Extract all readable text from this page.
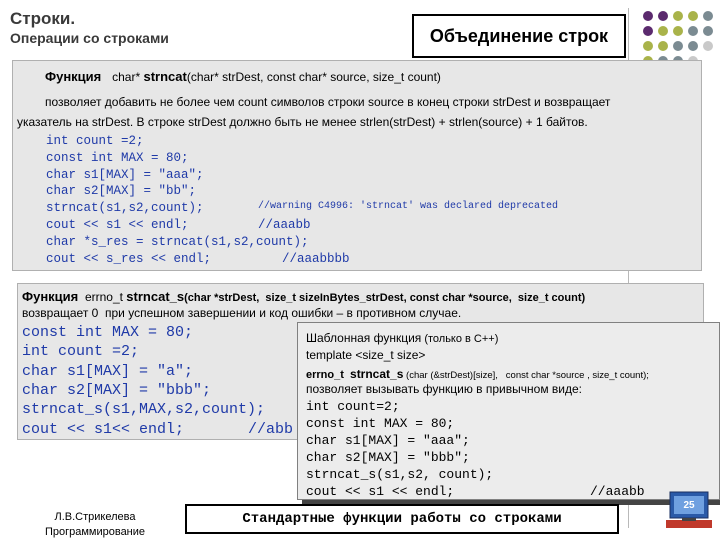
Строки.
Операции со строками	Объединение строк
Функция char* strncat(char* strDest, const char* source, size_t count)
позволяет добавить не более чем count символов строки source в конец строки strDest и возвращает
указатель на strDest. В строке strDest должно быть не менее strlen(strDest) + strlen(source) + 1 байтов.
int count =2;
const int MAX = 80;
char s1[MAX] = "aaa";
char s2[MAX] = "bb";
strncat(s1,s2,count);	//warning C4996: 'strncat' was declared deprecated
cout << s1 << endl;	//aaabb
char *s_res = strncat(s1,s2,count);
cout << s_res << endl;	//aaabbbb
Функция errno_t strncat_s(char *strDest,  size_t sizeInBytes_strDest, const char *source,  size_t count)
возвращает 0  при успешном завершении и код ошибки – в противном случае.
const int MAX = 80;
int count =2;
char s1[MAX] = "a";
char s2[MAX] = "bbb";
strncat_s(s1,MAX,s2,count);
cout << s1<< endl;	//abb
Шаблонная функция (только в С++)
template <size_t size>
errno_t  strncat_s (char (&strDest)[size],   const char *source , size_t count);
позволяет вызывать функцию в привычном виде:
int count=2;
const int MAX = 80;
char s1[MAX] = "aaa";
char s2[MAX] = "bbb";
strncat_s(s1,s2, count);
cout << s1 << endl;	//aaabb
Л.В.Стрикелева
Программирование
Стандартные функции работы со строками
25
